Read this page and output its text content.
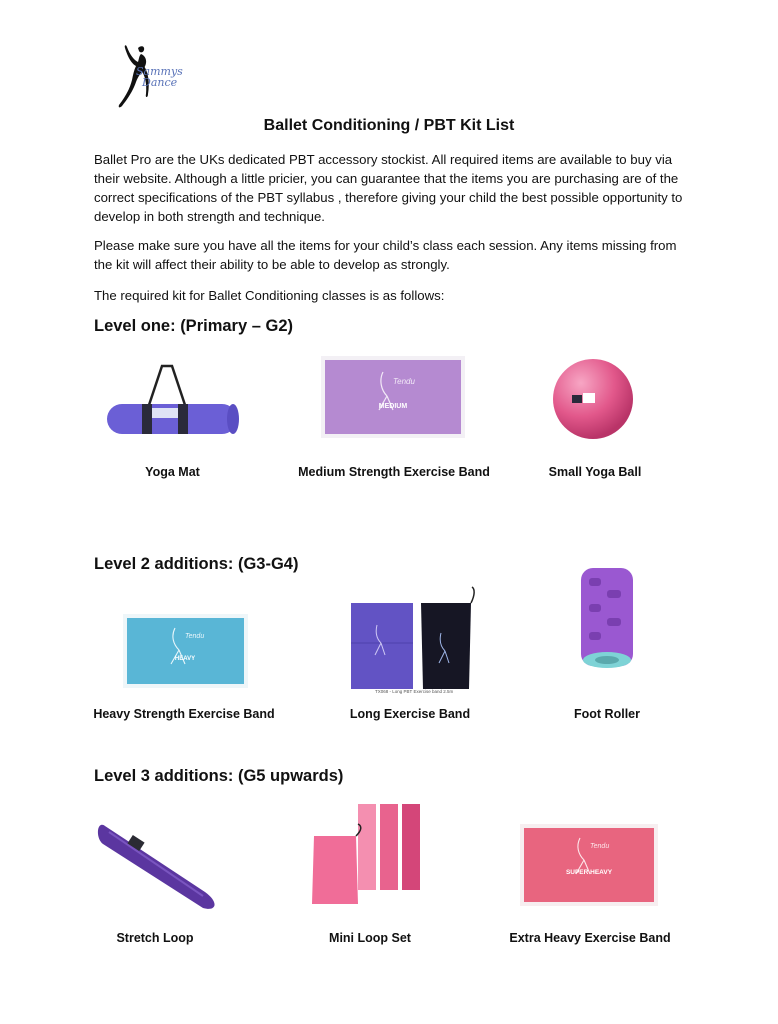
Sammys
Dance
Ballet Conditioning / PBT Kit List
Ballet Pro are the UKs dedicated PBT accessory stockist. All required items are available to buy via their website. Although a little pricier, you can guarantee that the items you are purchasing are of the correct specifications of the PBT syllabus , therefore giving your child the best possible opportunity to develop in both strength and technique.
Please make sure you have all the items for your child’s class each session. Any items missing from the kit will affect their ability to be able to develop as strongly.
The required kit for Ballet Conditioning classes is as follows:
Level one: (Primary – G2)
Yoga Mat
Tendu
MEDIUM
Medium Strength Exercise Band	Small Yoga Ball
Level 2 additions: (G3-G4)
Tendu
HEAVY
Heavy Strength Exercise Band
TX068 - Long PBT Exercise band 2.5m
Long Exercise Band	Foot Roller
Level 3 additions: (G5 upwards)
Stretch Loop	Mini Loop Set
Tendu
SUPER HEAVY
Extra Heavy Exercise Band
